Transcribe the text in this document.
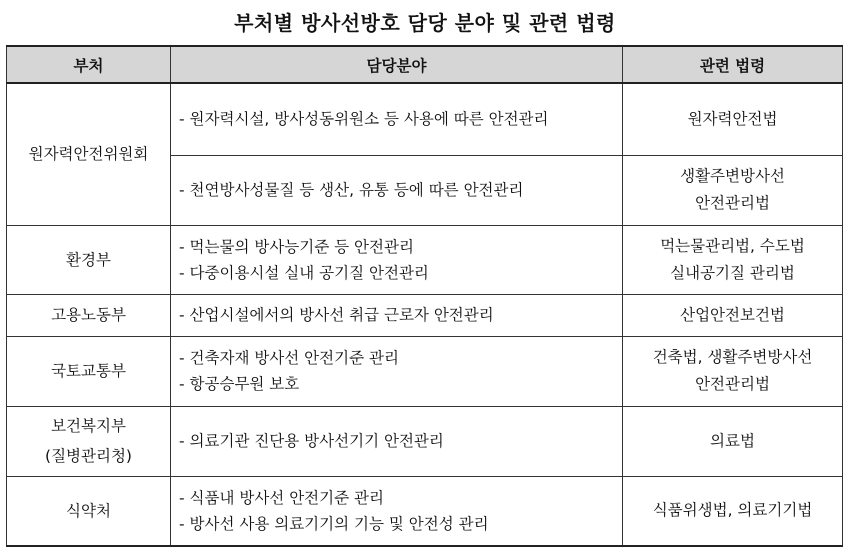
부처별 방사선방호 담당 분야 및 관련 법령
부처	담당분야	관련 법령

원자력안전위원회	- 원자력시설, 방사성동위원소 등 사용에 따른 안전관리	원자력안전법

	- 천연방사성물질 등 생산, 유통 등에 따른 안전관리	생활주변방사선
안전관리법

환경부	- 먹는물의 방사능기준 등 안전관리
- 다중이용시설 실내 공기질 안전관리	먹는물관리법, 수도법
실내공기질 관리법

고용노동부	- 산업시설에서의 방사선 취급 근로자 안전관리	산업안전보건법

국토교통부	- 건축자재 방사선 안전기준 관리
- 항공승무원 보호	건축법, 생활주변방사선
안전관리법

보건복지부
(질병관리청)	- 의료기관 진단용 방사선기기 안전관리	의료법

식약처	- 식품내 방사선 안전기준 관리
- 방사선 사용 의료기기의 기능 및 안전성 관리	식품위생법, 의료기기법
